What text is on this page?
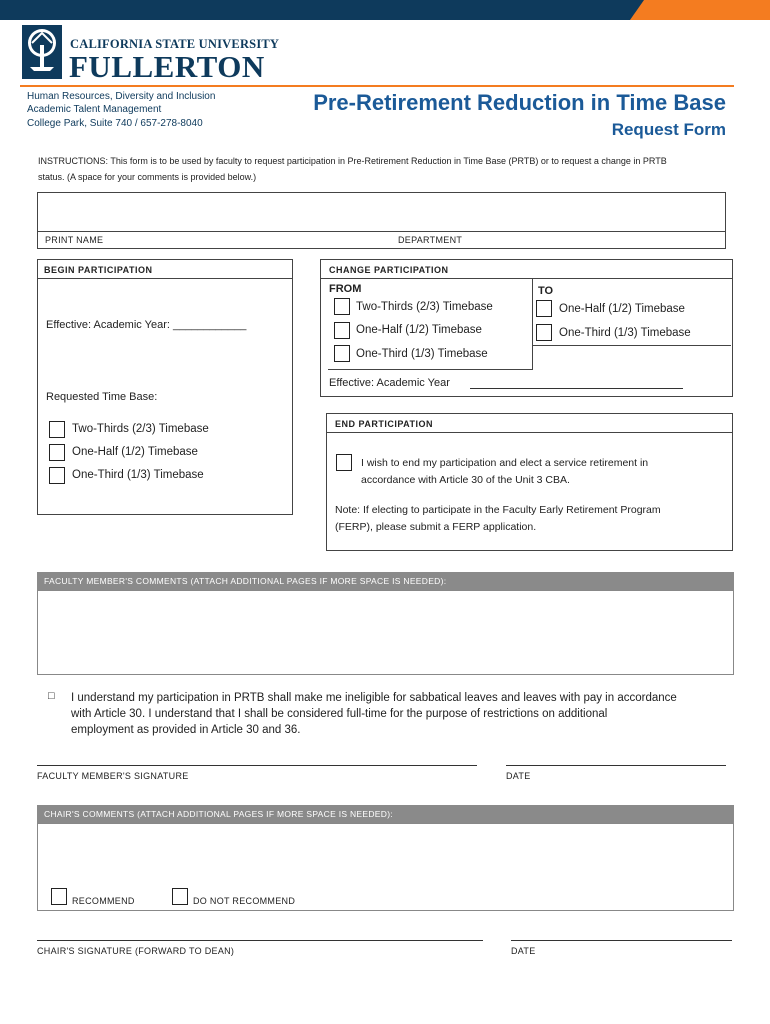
CALIFORNIA STATE UNIVERSITY
FULLERTON
Human Resources, Diversity and Inclusion
Academic Talent Management
College Park, Suite 740 / 657-278-8040
Pre-Retirement Reduction in Time Base
Request Form
INSTRUCTIONS: This form is to be used by faculty to request participation in Pre-Retirement Reduction in Time Base (PRTB) or to request a change in PRTB
status. (A space for your comments is provided below.)
PRINT NAME	DEPARTMENT
BEGIN PARTICIPATION
Effective: Academic Year: ____________
Requested Time Base:
Two-Thirds (2/3) Timebase
One-Half (1/2) Timebase
One-Third (1/3) Timebase
CHANGE PARTICIPATION
FROM	TO
Two-Thirds (2/3) Timebase
One-Half (1/2) Timebase
One-Third (1/3) Timebase
One-Half (1/2) Timebase
One-Third (1/3) Timebase
Effective: Academic Year
END PARTICIPATION
I wish to end my participation and elect a service retirement in
accordance with Article 30 of the Unit 3 CBA.
Note: If electing to participate in the Faculty Early Retirement Program
(FERP), please submit a FERP application.
FACULTY MEMBER'S COMMENTS (ATTACH ADDITIONAL PAGES IF MORE SPACE IS NEEDED):
□ I understand my participation in PRTB shall make me ineligible for sabbatical leaves and leaves with pay in accordance
with Article 30. I understand that I shall be considered full-time for the purpose of restrictions on additional
employment as provided in Article 30 and 36.
FACULTY MEMBER'S SIGNATURE	DATE
CHAIR'S COMMENTS (ATTACH ADDITIONAL PAGES IF MORE SPACE IS NEEDED):
RECOMMEND	DO NOT RECOMMEND
CHAIR'S SIGNATURE (FORWARD TO DEAN)	DATE
